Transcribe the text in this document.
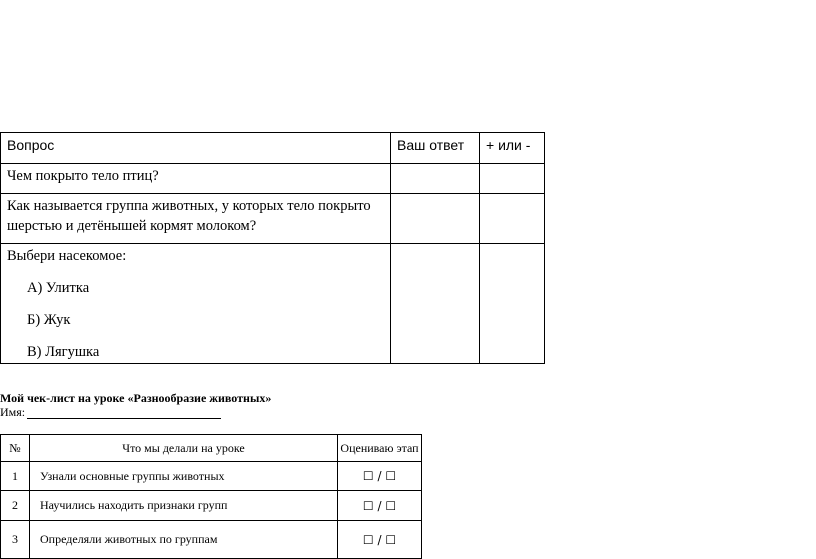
Вопрос	Ваш ответ	+ или -

Чем покрыто тело птиц?		

Как называется группа животных, у которых тело покрыто шерстью и детёнышей кормят молоком?		

Выбери насекомое:
А) Улитка
Б) Жук
В) Лягушка		

Мой чек-лист на уроке «Разнообразие животных»
Имя:
№	Что мы делали на уроке	Оцениваю этап
1	Узнали основные группы животных	☐ / ☐
2	Научились находить признаки групп	☐ / ☐
3	Определяли животных по группам	☐ / ☐
